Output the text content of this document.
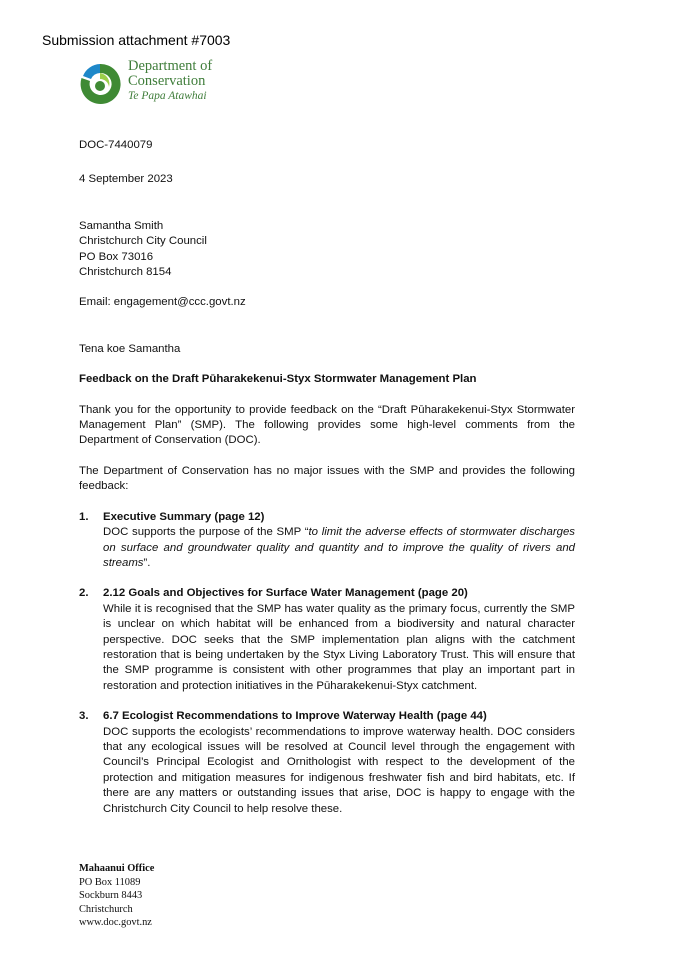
Submission attachment #7003
Department of
Conservation
Te Papa Atawhai

DOC-7440079

4 September 2023

Samantha Smith

Christchurch City Council

PO Box 73016

Christchurch 8154

Email: engagement@ccc.govt.nz

Tena koe Samantha

Feedback on the Draft Pūharakekenui-Styx Stormwater Management Plan

Thank you for the opportunity to provide feedback on the “Draft Pūharakekenui-Styx Stormwater Management Plan” (SMP). The following provides some high-level comments from the Department of Conservation (DOC).

The Department of Conservation has no major issues with the SMP and provides the following feedback:

1. Executive Summary (page 12)
DOC supports the purpose of the SMP “to limit the adverse effects of stormwater discharges on surface and groundwater quality and quantity and to improve the quality of rivers and streams”.
2. 2.12 Goals and Objectives for Surface Water Management (page 20)
While it is recognised that the SMP has water quality as the primary focus, currently the SMP is unclear on which habitat will be enhanced from a biodiversity and natural character perspective. DOC seeks that the SMP implementation plan aligns with the catchment restoration that is being undertaken by the Styx Living Laboratory Trust. This will ensure that the SMP programme is consistent with other programmes that play an important part in restoration and protection initiatives in the Pūharakekenui-Styx catchment.
3. 6.7 Ecologist Recommendations to Improve Waterway Health (page 44)
DOC supports the ecologists’ recommendations to improve waterway health. DOC considers that any ecological issues will be resolved at Council level through the engagement with Council’s Principal Ecologist and Ornithologist with respect to the development of the protection and mitigation measures for indigenous freshwater fish and bird habitats, etc. If there are any matters or outstanding issues that arise, DOC is happy to engage with the Christchurch City Council to help resolve these.
Mahaanui Office
PO Box 11089
Sockburn 8443
Christchurch
www.doc.govt.nz
